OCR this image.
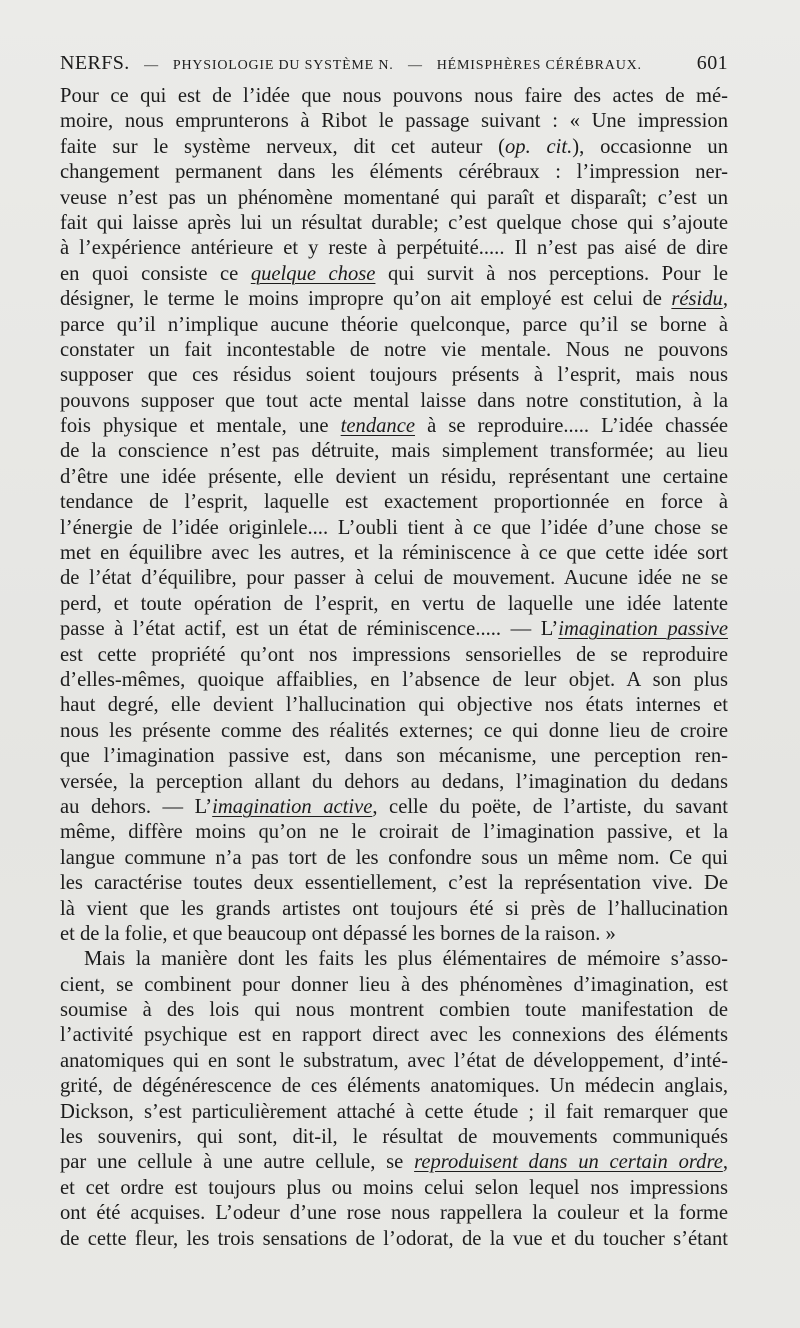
NERFS. — PHYSIOLOGIE DU SYSTÈME N. — HÉMISPHÈRES CÉRÉBRAUX.	601
Pour ce qui est de l’idée que nous pouvons nous faire des actes de mé-
moire, nous emprunterons à Ribot le passage suivant : « Une impression
faite sur le système nerveux, dit cet auteur (op. cit.), occasionne un
changement permanent dans les éléments cérébraux : l’impression ner-
veuse n’est pas un phénomène momentané qui paraît et disparaît; c’est un
fait qui laisse après lui un résultat durable; c’est quelque chose qui s’ajoute
à l’expérience antérieure et y reste à perpétuité..... Il n’est pas aisé de dire
en quoi consiste ce quelque chose qui survit à nos perceptions. Pour le
désigner, le terme le moins impropre qu’on ait employé est celui de résidu,
parce qu’il n’implique aucune théorie quelconque, parce qu’il se borne à
constater un fait incontestable de notre vie mentale. Nous ne pouvons
supposer que ces résidus soient toujours présents à l’esprit, mais nous
pouvons supposer que tout acte mental laisse dans notre constitution, à la
fois physique et mentale, une tendance à se reproduire..... L’idée chassée
de la conscience n’est pas détruite, mais simplement transformée; au lieu
d’être une idée présente, elle devient un résidu, représentant une certaine
tendance de l’esprit, laquelle est exactement proportionnée en force à
l’énergie de l’idée originlele.... L’oubli tient à ce que l’idée d’une chose se
met en équilibre avec les autres, et la réminiscence à ce que cette idée sort
de l’état d’équilibre, pour passer à celui de mouvement. Aucune idée ne se
perd, et toute opération de l’esprit, en vertu de laquelle une idée latente
passe à l’état actif, est un état de réminiscence..... — L’imagination passive
est cette propriété qu’ont nos impressions sensorielles de se reproduire
d’elles-mêmes, quoique affaiblies, en l’absence de leur objet. A son plus
haut degré, elle devient l’hallucination qui objective nos états internes et
nous les présente comme des réalités externes; ce qui donne lieu de croire
que l’imagination passive est, dans son mécanisme, une perception ren-
versée, la perception allant du dehors au dedans, l’imagination du dedans
au dehors. — L’imagination active, celle du poëte, de l’artiste, du savant
même, diffère moins qu’on ne le croirait de l’imagination passive, et la
langue commune n’a pas tort de les confondre sous un même nom. Ce qui
les caractérise toutes deux essentiellement, c’est la représentation vive. De
là vient que les grands artistes ont toujours été si près de l’hallucination
et de la folie, et que beaucoup ont dépassé les bornes de la raison. »
Mais la manière dont les faits les plus élémentaires de mémoire s’asso-
cient, se combinent pour donner lieu à des phénomènes d’imagination, est
soumise à des lois qui nous montrent combien toute manifestation de
l’activité psychique est en rapport direct avec les connexions des éléments
anatomiques qui en sont le substratum, avec l’état de développement, d’inté-
grité, de dégénérescence de ces éléments anatomiques. Un médecin anglais,
Dickson, s’est particulièrement attaché à cette étude ; il fait remarquer que
les souvenirs, qui sont, dit-il, le résultat de mouvements communiqués
par une cellule à une autre cellule, se reproduisent dans un certain ordre,
et cet ordre est toujours plus ou moins celui selon lequel nos impressions
ont été acquises. L’odeur d’une rose nous rappellera la couleur et la forme
de cette fleur, les trois sensations de l’odorat, de la vue et du toucher s’étant
